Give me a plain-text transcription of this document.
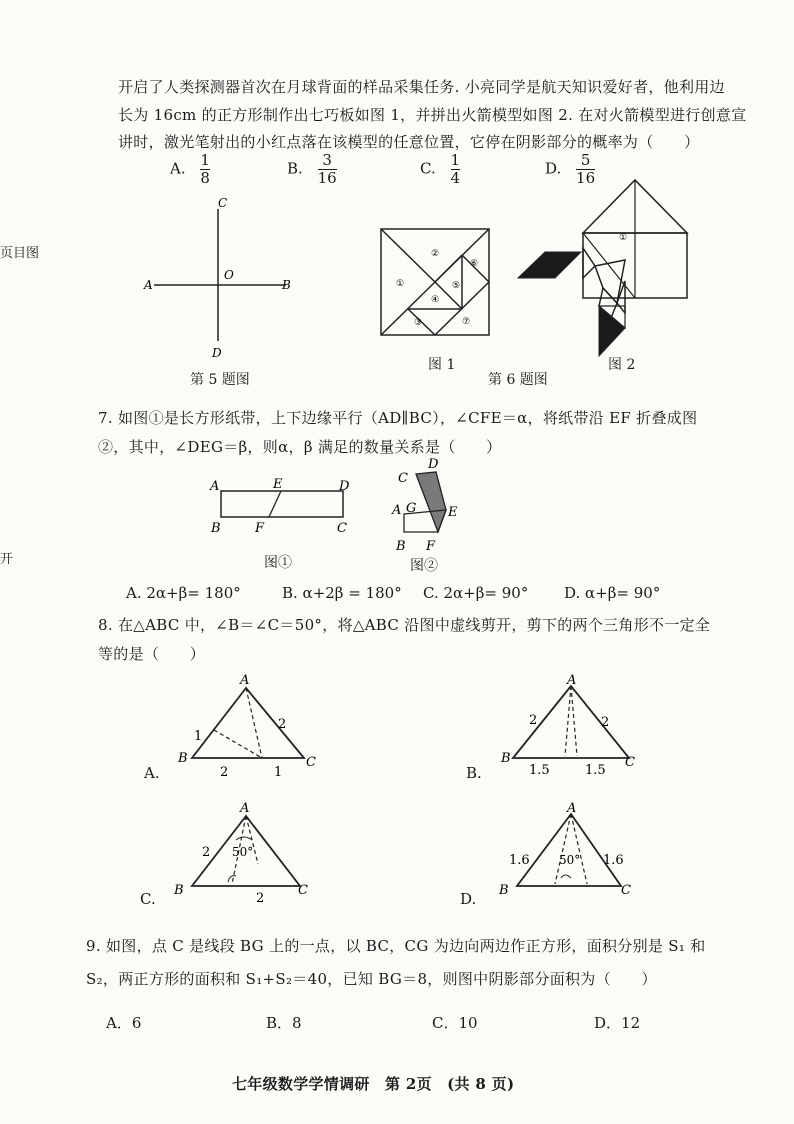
页目图
开
开启了人类探测器首次在月球背面的样品采集任务. 小亮同学是航天知识爱好者，他利用边
长为 16cm 的正方形制作出七巧板如图 1，并拼出火箭模型如图 2. 在对火箭模型进行创意宣
讲时，激光笔射出的小红点落在该模型的任意位置，它停在阴影部分的概率为（　　）
A. $\frac{1}{8}$	B. $\frac{3}{16}$	C. $\frac{1}{4}$	D. $\frac{5}{16}$
A	B
C
D
O
第 5 题图
①
②
③
④
⑤
⑥
⑦
图 1
①
图 2
第 6 题图
7. 如图①是长方形纸带，上下边缘平行（AD∥BC），∠CFE＝α，将纸带沿 EF 折叠成图
②，其中，∠DEG＝β，则α，β 满足的数量关系是（　　）
A	E	D
B	F	C
图①
C
D
A G E
B F
图②
A. 2α+β= 180°	B. α+2β = 180° C. 2α+β= 90° D. α+β= 90°
8. 在△ABC 中，∠B＝∠C＝50°，将△ABC 沿图中虚线剪开，剪下的两个三角形不一定全
等的是（　　）
A
B	C
1
2
2	1
A.
A
B	C
2	2
1.5	1.5
B.
A
B	C
2 50°
2
C.
A
B	C
1.6	1.6
50°
D.
9. 如图，点 C 是线段 BG 上的一点，以 BC，CG 为边向两边作正方形，面积分别是 S₁ 和
S₂，两正方形的面积和 S₁+S₂＝40，已知 BG＝8，则图中阴影部分面积为（　　）
A．6	B．8	C．10	D．12
七年级数学学情调研　第 2页　(共 8 页)
